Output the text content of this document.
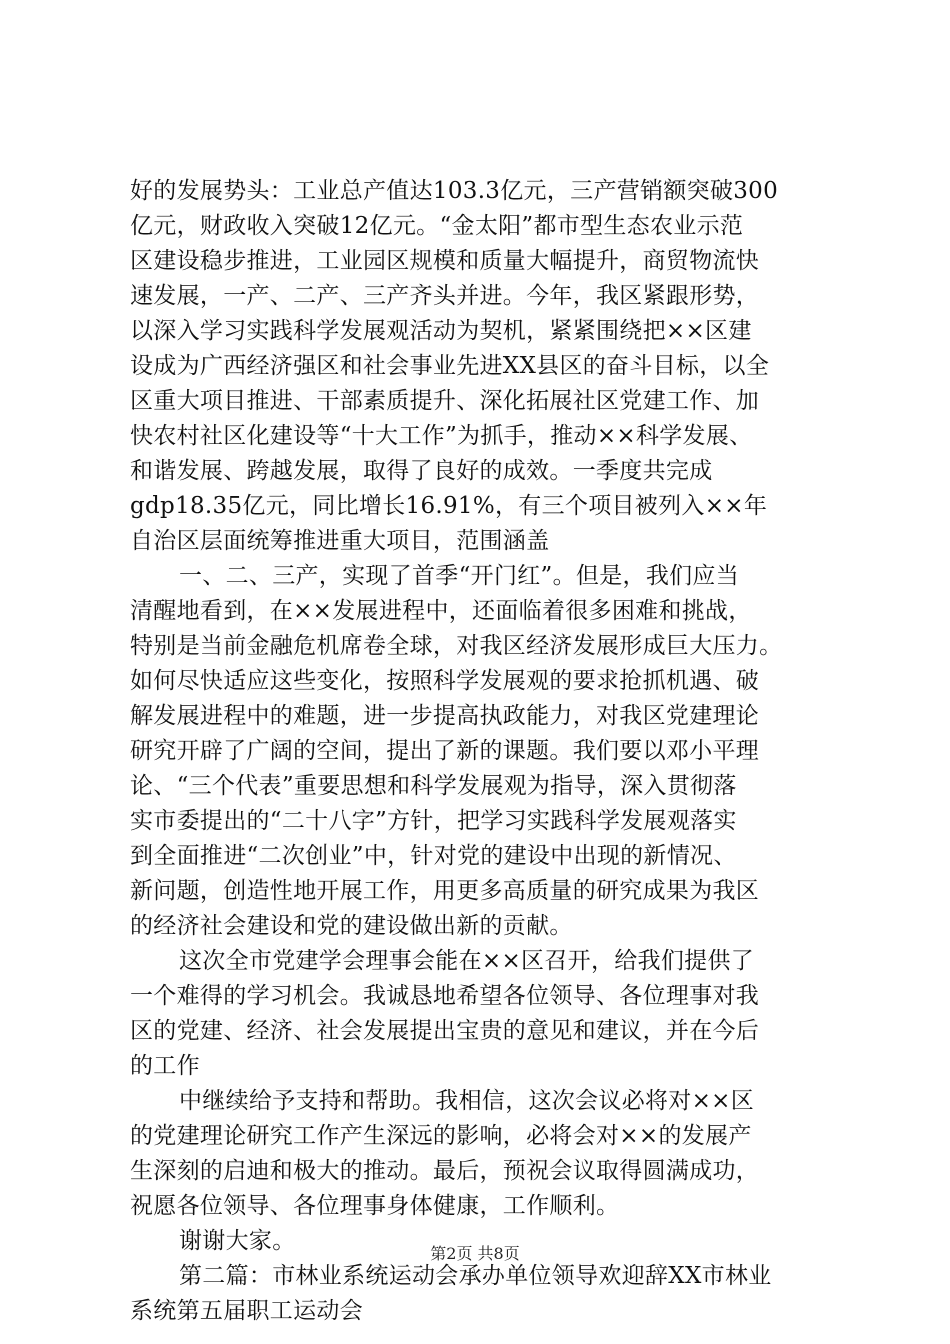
好的发展势头：工业总产值达103.3亿元，三产营销额突破300
亿元，财政收入突破12亿元。“金太阳”都市型生态农业示范
区建设稳步推进，工业园区规模和质量大幅提升，商贸物流快
速发展，一产、二产、三产齐头并进。今年，我区紧跟形势，
以深入学习实践科学发展观活动为契机，紧紧围绕把××区建
设成为广西经济强区和社会事业先进XX县区的奋斗目标，以全
区重大项目推进、干部素质提升、深化拓展社区党建工作、加
快农村社区化建设等“十大工作”为抓手，推动××科学发展、
和谐发展、跨越发展，取得了良好的成效。一季度共完成
gdp18.35亿元，同比增长16.91%，有三个项目被列入××年
自治区层面统筹推进重大项目，范围涵盖
一、二、三产，实现了首季“开门红”。但是，我们应当
清醒地看到，在××发展进程中，还面临着很多困难和挑战，
特别是当前金融危机席卷全球，对我区经济发展形成巨大压力。
如何尽快适应这些变化，按照科学发展观的要求抢抓机遇、破
解发展进程中的难题，进一步提高执政能力，对我区党建理论
研究开辟了广阔的空间，提出了新的课题。我们要以邓小平理
论、“三个代表”重要思想和科学发展观为指导，深入贯彻落
实市委提出的“二十八字”方针，把学习实践科学发展观落实
到全面推进“二次创业”中，针对党的建设中出现的新情况、
新问题，创造性地开展工作，用更多高质量的研究成果为我区
的经济社会建设和党的建设做出新的贡献。
这次全市党建学会理事会能在××区召开，给我们提供了
一个难得的学习机会。我诚恳地希望各位领导、各位理事对我
区的党建、经济、社会发展提出宝贵的意见和建议，并在今后
的工作
中继续给予支持和帮助。我相信，这次会议必将对××区
的党建理论研究工作产生深远的影响，必将会对××的发展产
生深刻的启迪和极大的推动。最后，预祝会议取得圆满成功，
祝愿各位领导、各位理事身体健康，工作顺利。
谢谢大家。
第二篇：市林业系统运动会承办单位领导欢迎辞XX市林业
系统第五届职工运动会
第2页 共8页
